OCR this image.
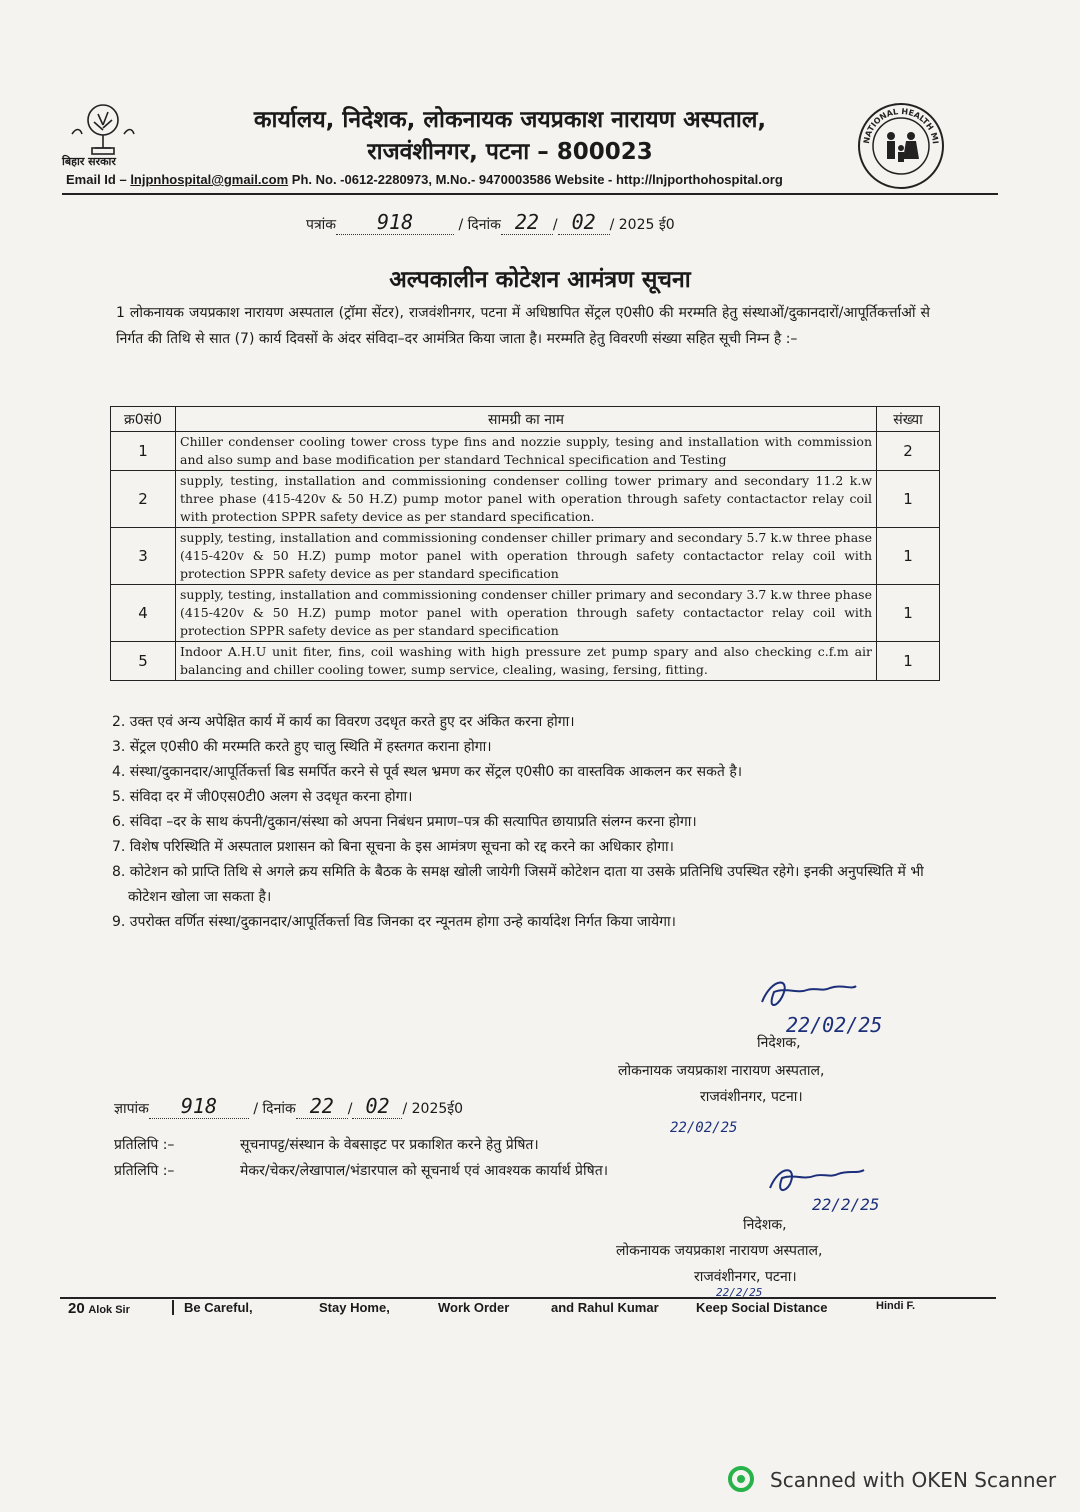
बिहार सरकार
कार्यालय, निदेशक, लोकनायक जयप्रकाश नारायण अस्पताल,
राजवंशीनगर, पटना – 800023	NATIONAL HEALTH MI
Email Id – lnjpnhospital@gmail.com Ph. No. -0612-2280973, M.No.- 9470003586 Website - http://lnjporthohospital.org
पत्रांक 918	/ दिनांक 22 / 02 / 2025 ई0
अल्पकालीन कोटेशन आमंत्रण सूचना
1 लोकनायक जयप्रकाश नारायण अस्पताल (ट्रॉमा सेंटर), राजवंशीनगर, पटना में अधिष्ठापित सेंट्रल ए0सी0 की मरम्मति हेतु संस्थाओं/दुकानदारों/आपूर्तिकर्त्ताओं से निर्गत की तिथि से सात (7) कार्य दिवसों के अंदर संविदा–दर आमंत्रित किया जाता है। मरम्मति हेतु विवरणी संख्या सहित सूची निम्न है :–
क्र0सं0	सामग्री का नाम	संख्या
1	Chiller condenser cooling tower cross type fins and nozzie supply, tesing and installation with commission and also sump and base modification per standard Technical specification and Testing	2
2	supply, testing, installation and commissioning condenser colling tower primary and secondary 11.2 k.w three phase (415-420v & 50 H.Z) pump motor panel with operation through safety contactactor relay coil with protection SPPR safety device as per standard specification.	1
3	supply, testing, installation and commissioning condenser chiller primary and secondary 5.7 k.w three phase (415-420v & 50 H.Z) pump motor panel with operation through safety contactactor relay coil with protection SPPR safety device as per standard specification	1
4	supply, testing, installation and commissioning condenser chiller primary and secondary 3.7 k.w three phase (415-420v & 50 H.Z) pump motor panel with operation through safety contactactor relay coil with protection SPPR safety device as per standard specification	1
5	Indoor A.H.U unit fiter, fins, coil washing with high pressure zet pump spary and also checking c.f.m air balancing and chiller cooling tower, sump service, clealing, wasing, fersing, fitting.	1
2. उक्त एवं अन्य अपेक्षित कार्य में कार्य का विवरण उदधृत करते हुए दर अंकित करना होगा।
3. सेंट्रल ए0सी0 की मरम्मति करते हुए चालु स्थिति में हस्तगत कराना होगा।
4. संस्था/दुकानदार/आपूर्तिकर्त्ता बिड समर्पित करने से पूर्व स्थल भ्रमण कर सेंट्रल ए0सी0 का वास्तविक आकलन कर सकते है।
5. संविदा दर में जी0एस0टी0 अलग से उदधृत करना होगा।
6. संविदा –दर के साथ कंपनी/दुकान/संस्था को अपना निबंधन प्रमाण–पत्र की सत्यापित छायाप्रति संलग्न करना होगा।
7. विशेष परिस्थिति में अस्पताल प्रशासन को बिना सूचना के इस आमंत्रण सूचना को रद्द करने का अधिकार होगा।
8. कोटेशन को प्राप्ति तिथि से अगले क्रय समिति के बैठक के समक्ष खोली जायेगी जिसमें कोटेशन दाता या उसके प्रतिनिधि उपस्थित रहेगे। इनकी अनुपस्थिति में भी कोटेशन खोला जा सकता है।
9. उपरोक्त वर्णित संस्था/दुकानदार/आपूर्तिकर्त्ता विड जिनका दर न्यूनतम होगा उन्हे कार्यादेश निर्गत किया जायेगा।
22/02/25
निदेशक,
लोकनायक जयप्रकाश नारायण अस्पताल,
राजवंशीनगर, पटना।
22/02/25
ज्ञापांक 918	/ दिनांक 22 / 02 / 2025ई0
प्रतिलिपि :–	सूचनापट्ट/संस्थान के वेबसाइट पर प्रकाशित करने हेतु प्रेषित।
प्रतिलिपि :–	मेकर/चेकर/लेखापाल/भंडारपाल को सूचनार्थ एवं आवश्यक कार्यार्थ प्रेषित।
22/2/25
निदेशक,
लोकनायक जयप्रकाश नारायण अस्पताल,
राजवंशीनगर, पटना।
22/2/25
20 Alok Sir	Be Careful,	Stay Home,	Work Order	and Rahul Kumar	Keep Social Distance	Hindi F.
Scanned with OKEN Scanner
